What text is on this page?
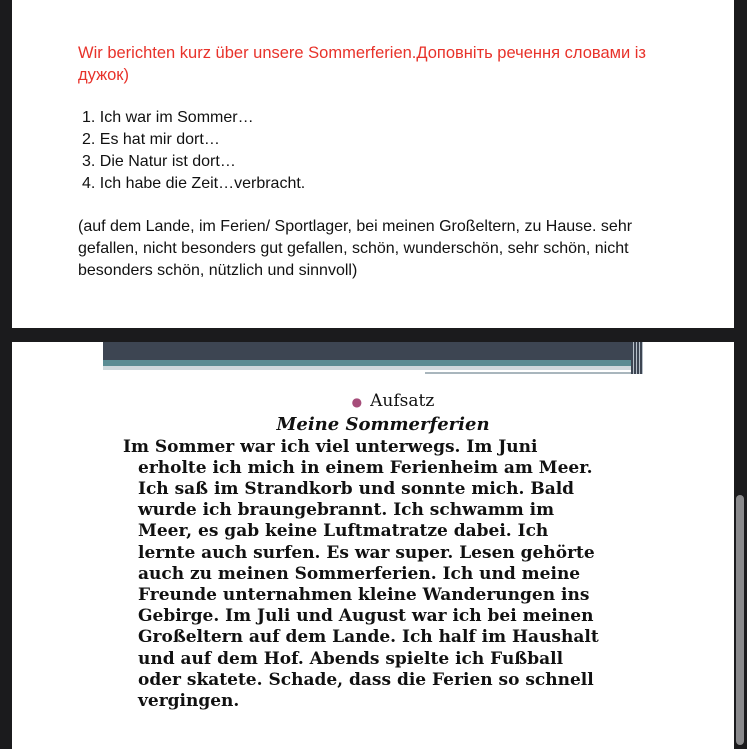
Wir berichten kurz über unsere Sommerferien.Доповніть речення словами із дужок)
1. Ich war im Sommer…
2. Es hat mir dort…
3. Die Natur ist dort…
4. Ich habe die Zeit…verbracht.
(auf dem Lande, im Ferien/ Sportlager, bei meinen Großeltern, zu Hause. sehr gefallen, nicht besonders gut gefallen, schön, wunderschön, sehr schön, nicht besonders schön, nützlich und sinnvoll)
● Aufsatz
Meine Sommerferien
Im Sommer war ich viel unterwegs. Im Juni
erholte ich mich in einem Ferienheim am Meer.
Ich saß im Strandkorb und sonnte mich. Bald
wurde ich braungebrannt. Ich schwamm im
Meer, es gab keine Luftmatratze dabei. Ich
lernte auch surfen. Es war super. Lesen gehörte
auch zu meinen Sommerferien. Ich und meine
Freunde unternahmen kleine Wanderungen ins
Gebirge. Im Juli und August war ich bei meinen
Großeltern auf dem Lande. Ich half im Haushalt
und auf dem Hof. Abends spielte ich Fußball
oder skatete. Schade, dass die Ferien so schnell
vergingen.
